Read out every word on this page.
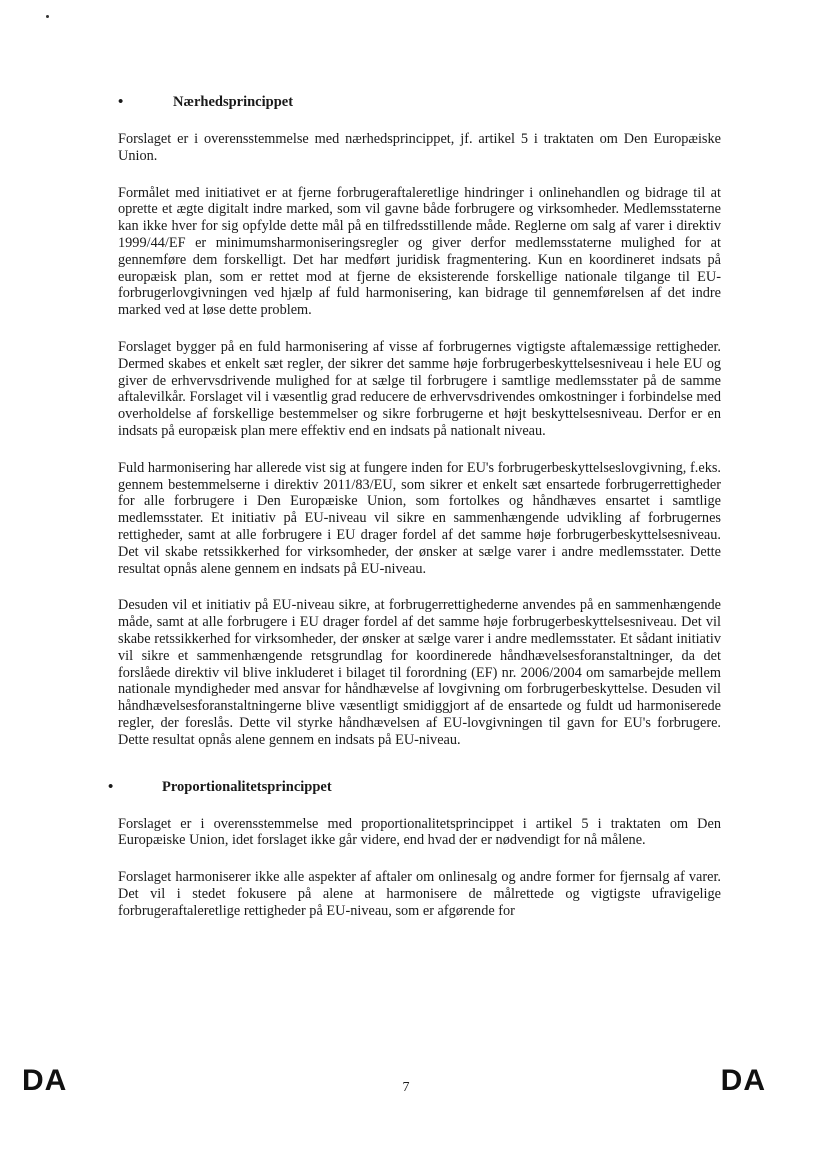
•	Nærhedsprincippet

Forslaget er i overensstemmelse med nærhedsprincippet, jf. artikel 5 i traktaten om Den Europæiske Union.

Formålet med initiativet er at fjerne forbrugeraftaleretlige hindringer i onlinehandlen og bidrage til at oprette et ægte digitalt indre marked, som vil gavne både forbrugere og virksomheder. Medlemsstaterne kan ikke hver for sig opfylde dette mål på en tilfredsstillende måde. Reglerne om salg af varer i direktiv 1999/44/EF er minimumsharmoniseringsregler og giver derfor medlemsstaterne mulighed for at gennemføre dem forskelligt. Det har medført juridisk fragmentering. Kun en koordineret indsats på europæisk plan, som er rettet mod at fjerne de eksisterende forskellige nationale tilgange til EU-forbrugerlovgivningen ved hjælp af fuld harmonisering, kan bidrage til gennemførelsen af det indre marked ved at løse dette problem.

Forslaget bygger på en fuld harmonisering af visse af forbrugernes vigtigste aftalemæssige rettigheder. Dermed skabes et enkelt sæt regler, der sikrer det samme høje forbrugerbeskyttelsesniveau i hele EU og giver de erhvervsdrivende mulighed for at sælge til forbrugere i samtlige medlemsstater på de samme aftalevilkår. Forslaget vil i væsentlig grad reducere de erhvervsdrivendes omkostninger i forbindelse med overholdelse af forskellige bestemmelser og sikre forbrugerne et højt beskyttelsesniveau. Derfor er en indsats på europæisk plan mere effektiv end en indsats på nationalt niveau.

Fuld harmonisering har allerede vist sig at fungere inden for EU's forbrugerbeskyttelseslovgivning, f.eks. gennem bestemmelserne i direktiv 2011/83/EU, som sikrer et enkelt sæt ensartede forbrugerrettigheder for alle forbrugere i Den Europæiske Union, som fortolkes og håndhæves ensartet i samtlige medlemsstater. Et initiativ på EU-niveau vil sikre en sammenhængende udvikling af forbrugernes rettigheder, samt at alle forbrugere i EU drager fordel af det samme høje forbrugerbeskyttelsesniveau. Det vil skabe retssikkerhed for virksomheder, der ønsker at sælge varer i andre medlemsstater. Dette resultat opnås alene gennem en indsats på EU-niveau.

Desuden vil et initiativ på EU-niveau sikre, at forbrugerrettighederne anvendes på en sammenhængende måde, samt at alle forbrugere i EU drager fordel af det samme høje forbrugerbeskyttelsesniveau. Det vil skabe retssikkerhed for virksomheder, der ønsker at sælge varer i andre medlemsstater. Et sådant initiativ vil sikre et sammenhængende retsgrundlag for koordinerede håndhævelsesforanstaltninger, da det forslåede direktiv vil blive inkluderet i bilaget til forordning (EF) nr. 2006/2004 om samarbejde mellem nationale myndigheder med ansvar for håndhævelse af lovgivning om forbrugerbeskyttelse. Desuden vil håndhævelsesforanstaltningerne blive væsentligt smidiggjort af de ensartede og fuldt ud harmoniserede regler, der foreslås. Dette vil styrke håndhævelsen af EU-lovgivningen til gavn for EU's forbrugere. Dette resultat opnås alene gennem en indsats på EU-niveau.

•	Proportionalitetsprincippet

Forslaget er i overensstemmelse med proportionalitetsprincippet i artikel 5 i traktaten om Den Europæiske Union, idet forslaget ikke går videre, end hvad der er nødvendigt for nå målene.

Forslaget harmoniserer ikke alle aspekter af aftaler om onlinesalg og andre former for fjernsalg af varer. Det vil i stedet fokusere på alene at harmonisere de målrettede og vigtigste ufravigelige forbrugeraftaleretlige rettigheder på EU-niveau, som er afgørende for

DA	7	DA
